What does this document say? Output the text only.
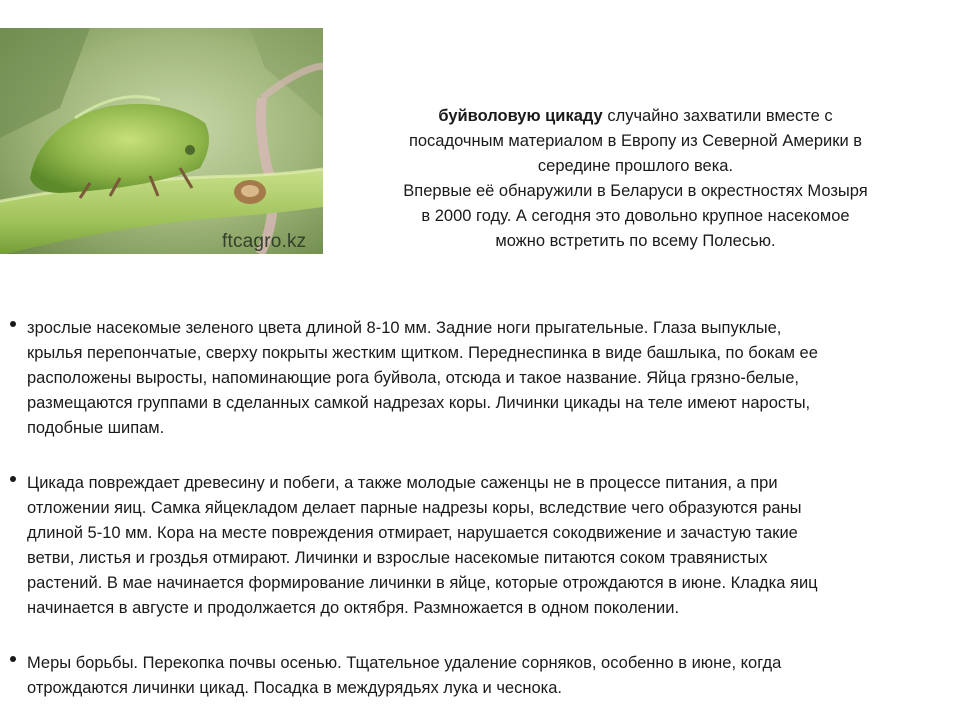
ftcagro.kz
буйволовую цикаду случайно захватили вместе с
посадочным материалом в Европу из Северной Америки в
середине прошлого века.
Впервые её обнаружили в Беларуси в окрестностях Мозыря
в 2000 году. А сегодня это довольно крупное насекомое
можно встретить по всему Полесью.
зрослые насекомые зеленого цвета длиной 8-10 мм. Задние ноги прыгательные. Глаза выпуклые,
крылья перепончатые, сверху покрыты жестким щитком. Переднеспинка в виде башлыка, по бокам ее
расположены выросты, напоминающие рога буйвола, отсюда и такое название. Яйца грязно-белые,
размещаются группами в сделанных самкой надрезах коры. Личинки цикады на теле имеют наросты,
подобные шипам.
Цикада повреждает древесину и побеги, а также молодые саженцы не в процессе питания, а при
отложении яиц. Самка яйцекладом делает парные надрезы коры, вследствие чего образуются раны
длиной 5-10 мм. Кора на месте повреждения отмирает, нарушается сокодвижение и зачастую такие
ветви, листья и гроздья отмирают. Личинки и взрослые насекомые питаются соком травянистых
растений. В мае начинается формирование личинки в яйце, которые отрождаются в июне. Кладка яиц
начинается в августе и продолжается до октября. Размножается в одном поколении.
Меры борьбы. Перекопка почвы осенью. Тщательное удаление сорняков, особенно в июне, когда
отрождаются личинки цикад. Посадка в междурядьях лука и чеснока.
